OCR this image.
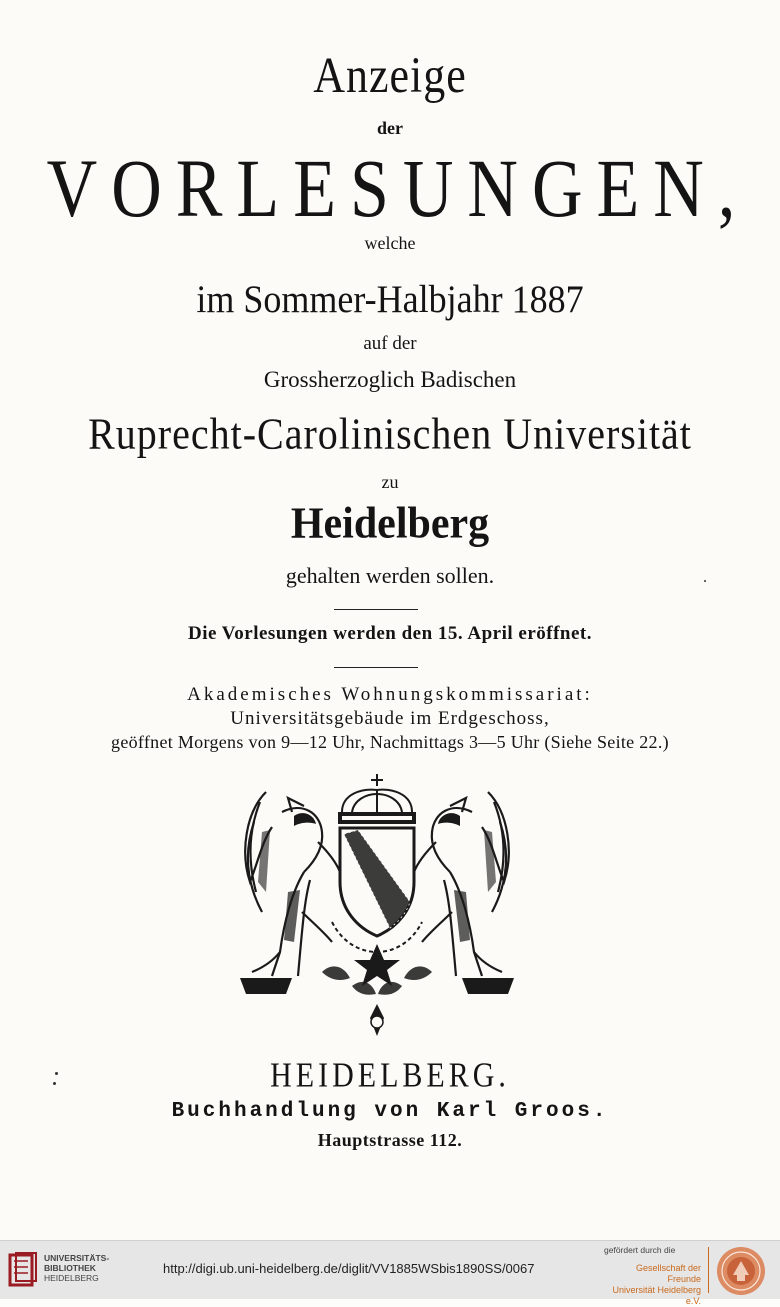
Anzeige
der
VORLESUNGEN,
welche
im Sommer-Halbjahr 1887
auf der
Grossherzoglich Badischen
Ruprecht-Carolinischen Universität
zu
Heidelberg
gehalten werden sollen.
Die Vorlesungen werden den 15. April eröffnet.
Akademisches Wohnungskommissariat:
Universitätsgebäude im Erdgeschoss,
geöffnet Morgens von 9—12 Uhr, Nachmittags 3—5 Uhr (Siehe Seite 22.)
HEIDELBERG.
Buchhandlung von Karl Groos.
Hauptstrasse 112.
UNIVERSITÄTS-
BIBLIOTHEK
HEIDELBERG
http://digi.ub.uni-heidelberg.de/diglit/VV1885WSbis1890SS/0067
gefördert durch die
Gesellschaft der Freunde
Universität Heidelberg e.V.
